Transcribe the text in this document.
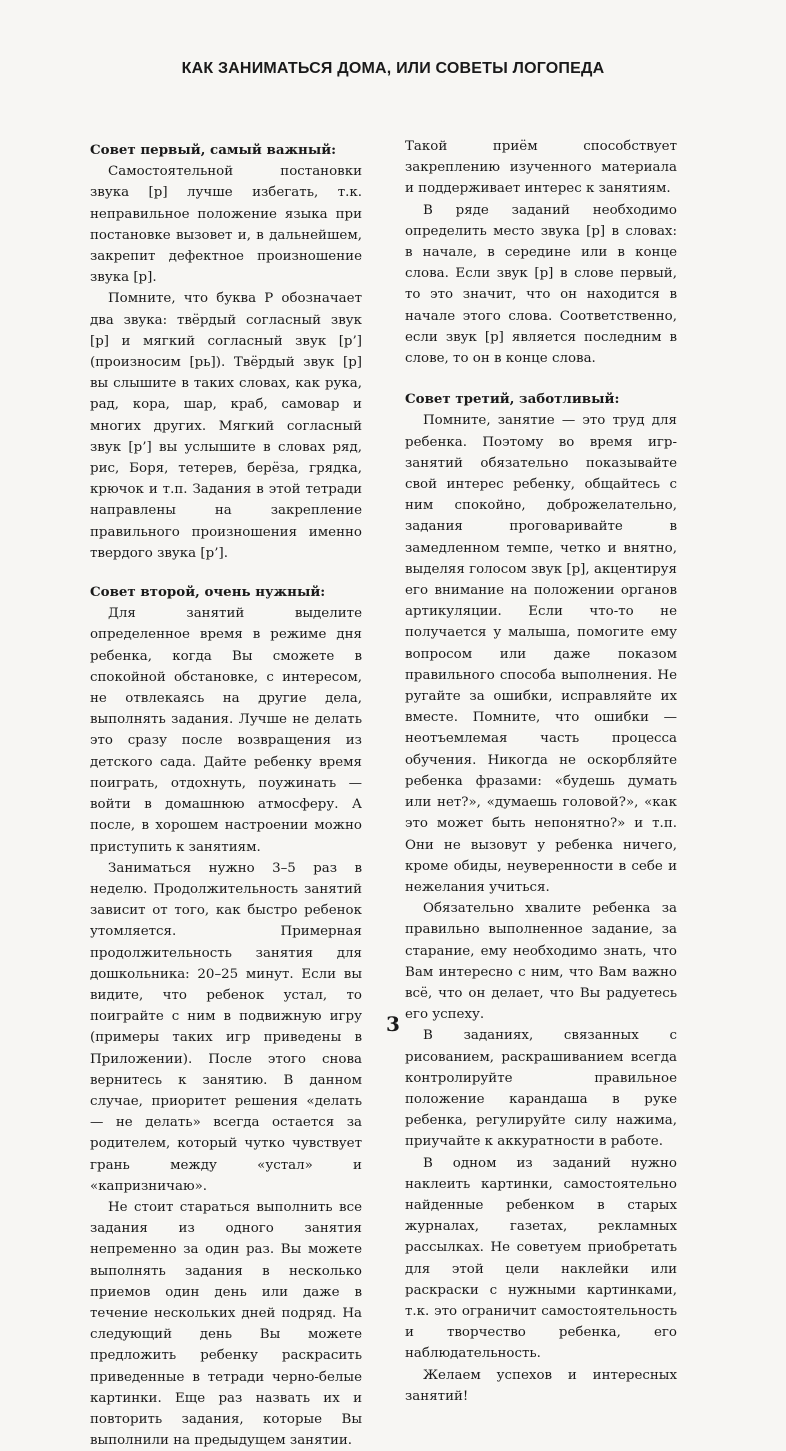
КАК ЗАНИМАТЬСЯ ДОМА, ИЛИ СОВЕТЫ ЛОГОПЕДА
Совет первый, самый важный:

Самостоятельной постановки звука [р] лучше избегать, т.к. неправильное положение языка при постановке вызовет и, в дальнейшем, закрепит дефектное произношение звука [р].

Помните, что буква Р обозначает два звука: твёрдый согласный звук [р] и мягкий согласный звук [р’] (произносим [рь]). Твёрдый звук [р] вы слышите в таких словах, как рука, рад, кора, шар, краб, самовар и многих других. Мягкий согласный звук [р’] вы услышите в словах ряд, рис, Боря, тетерев, берёза, грядка, крючок и т.п. Задания в этой тетради направлены на закрепление правильного произношения именно твердого звука [р’].

Совет второй, очень нужный:

Для занятий выделите определенное время в режиме дня ребенка, когда Вы сможете в спокойной обстановке, с интересом, не отвлекаясь на другие дела, выполнять задания. Лучше не делать это сразу после возвращения из детского сада. Дайте ребенку время поиграть, отдохнуть, поужинать — войти в домашнюю атмосферу. А после, в хорошем настроении можно приступить к занятиям.

Заниматься нужно 3–5 раз в неделю. Продолжительность занятий зависит от того, как быстро ребенок утомляется. Примерная продолжительность занятия для дошкольника: 20–25 минут. Если вы видите, что ребенок устал, то поиграйте с ним в подвижную игру (примеры таких игр приведены в Приложении). После этого снова вернитесь к занятию. В данном случае, приоритет решения «делать — не делать» всегда остается за родителем, который чутко чувствует грань между «устал» и «капризничаю».

Не стоит стараться выполнить все задания из одного занятия непременно за один раз. Вы можете выполнять задания в несколько приемов один день или даже в течение нескольких дней подряд. На следующий день Вы можете предложить ребенку раскрасить приведенные в тетради черно-белые картинки. Еще раз назвать их и повторить задания, которые Вы выполнили на предыдущем занятии.

Такой приём способствует закреплению изученного материала и поддерживает интерес к занятиям.

В ряде заданий необходимо определить место звука [р] в словах: в начале, в середине или в конце слова. Если звук [р] в слове первый, то это значит, что он находится в начале этого слова. Соответственно, если звук [р] является последним в слове, то он в конце слова.

Совет третий, заботливый:

Помните, занятие — это труд для ребенка. Поэтому во время игр-занятий обязательно показывайте свой интерес ребенку, общайтесь с ним спокойно, доброжелательно, задания проговаривайте в замедленном темпе, четко и внятно, выделяя голосом звук [р], акцентируя его внимание на положении органов артикуляции. Если что-то не получается у малыша, помогите ему вопросом или даже показом правильного способа выполнения. Не ругайте за ошибки, исправляйте их вместе. Помните, что ошибки — неотъемлемая часть процесса обучения. Никогда не оскорбляйте ребенка фразами: «будешь думать или нет?», «думаешь головой?», «как это может быть непонятно?» и т.п. Они не вызовут у ребенка ничего, кроме обиды, неуверенности в себе и нежелания учиться.

Обязательно хвалите ребенка за правильно выполненное задание, за старание, ему необходимо знать, что Вам интересно с ним, что Вам важно всё, что он делает, что Вы радуетесь его успеху.

В заданиях, связанных с рисованием, раскрашиванием всегда контролируйте правильное положение карандаша в руке ребенка, регулируйте силу нажима, приучайте к аккуратности в работе.

В одном из заданий нужно наклеить картинки, самостоятельно найденные ребенком в старых журналах, газетах, рекламных рассылках. Не советуем приобретать для этой цели наклейки или раскраски с нужными картинками, т.к. это ограничит самостоятельность и творчество ребенка, его наблюдательность.

Желаем успехов и интересных занятий!

3
